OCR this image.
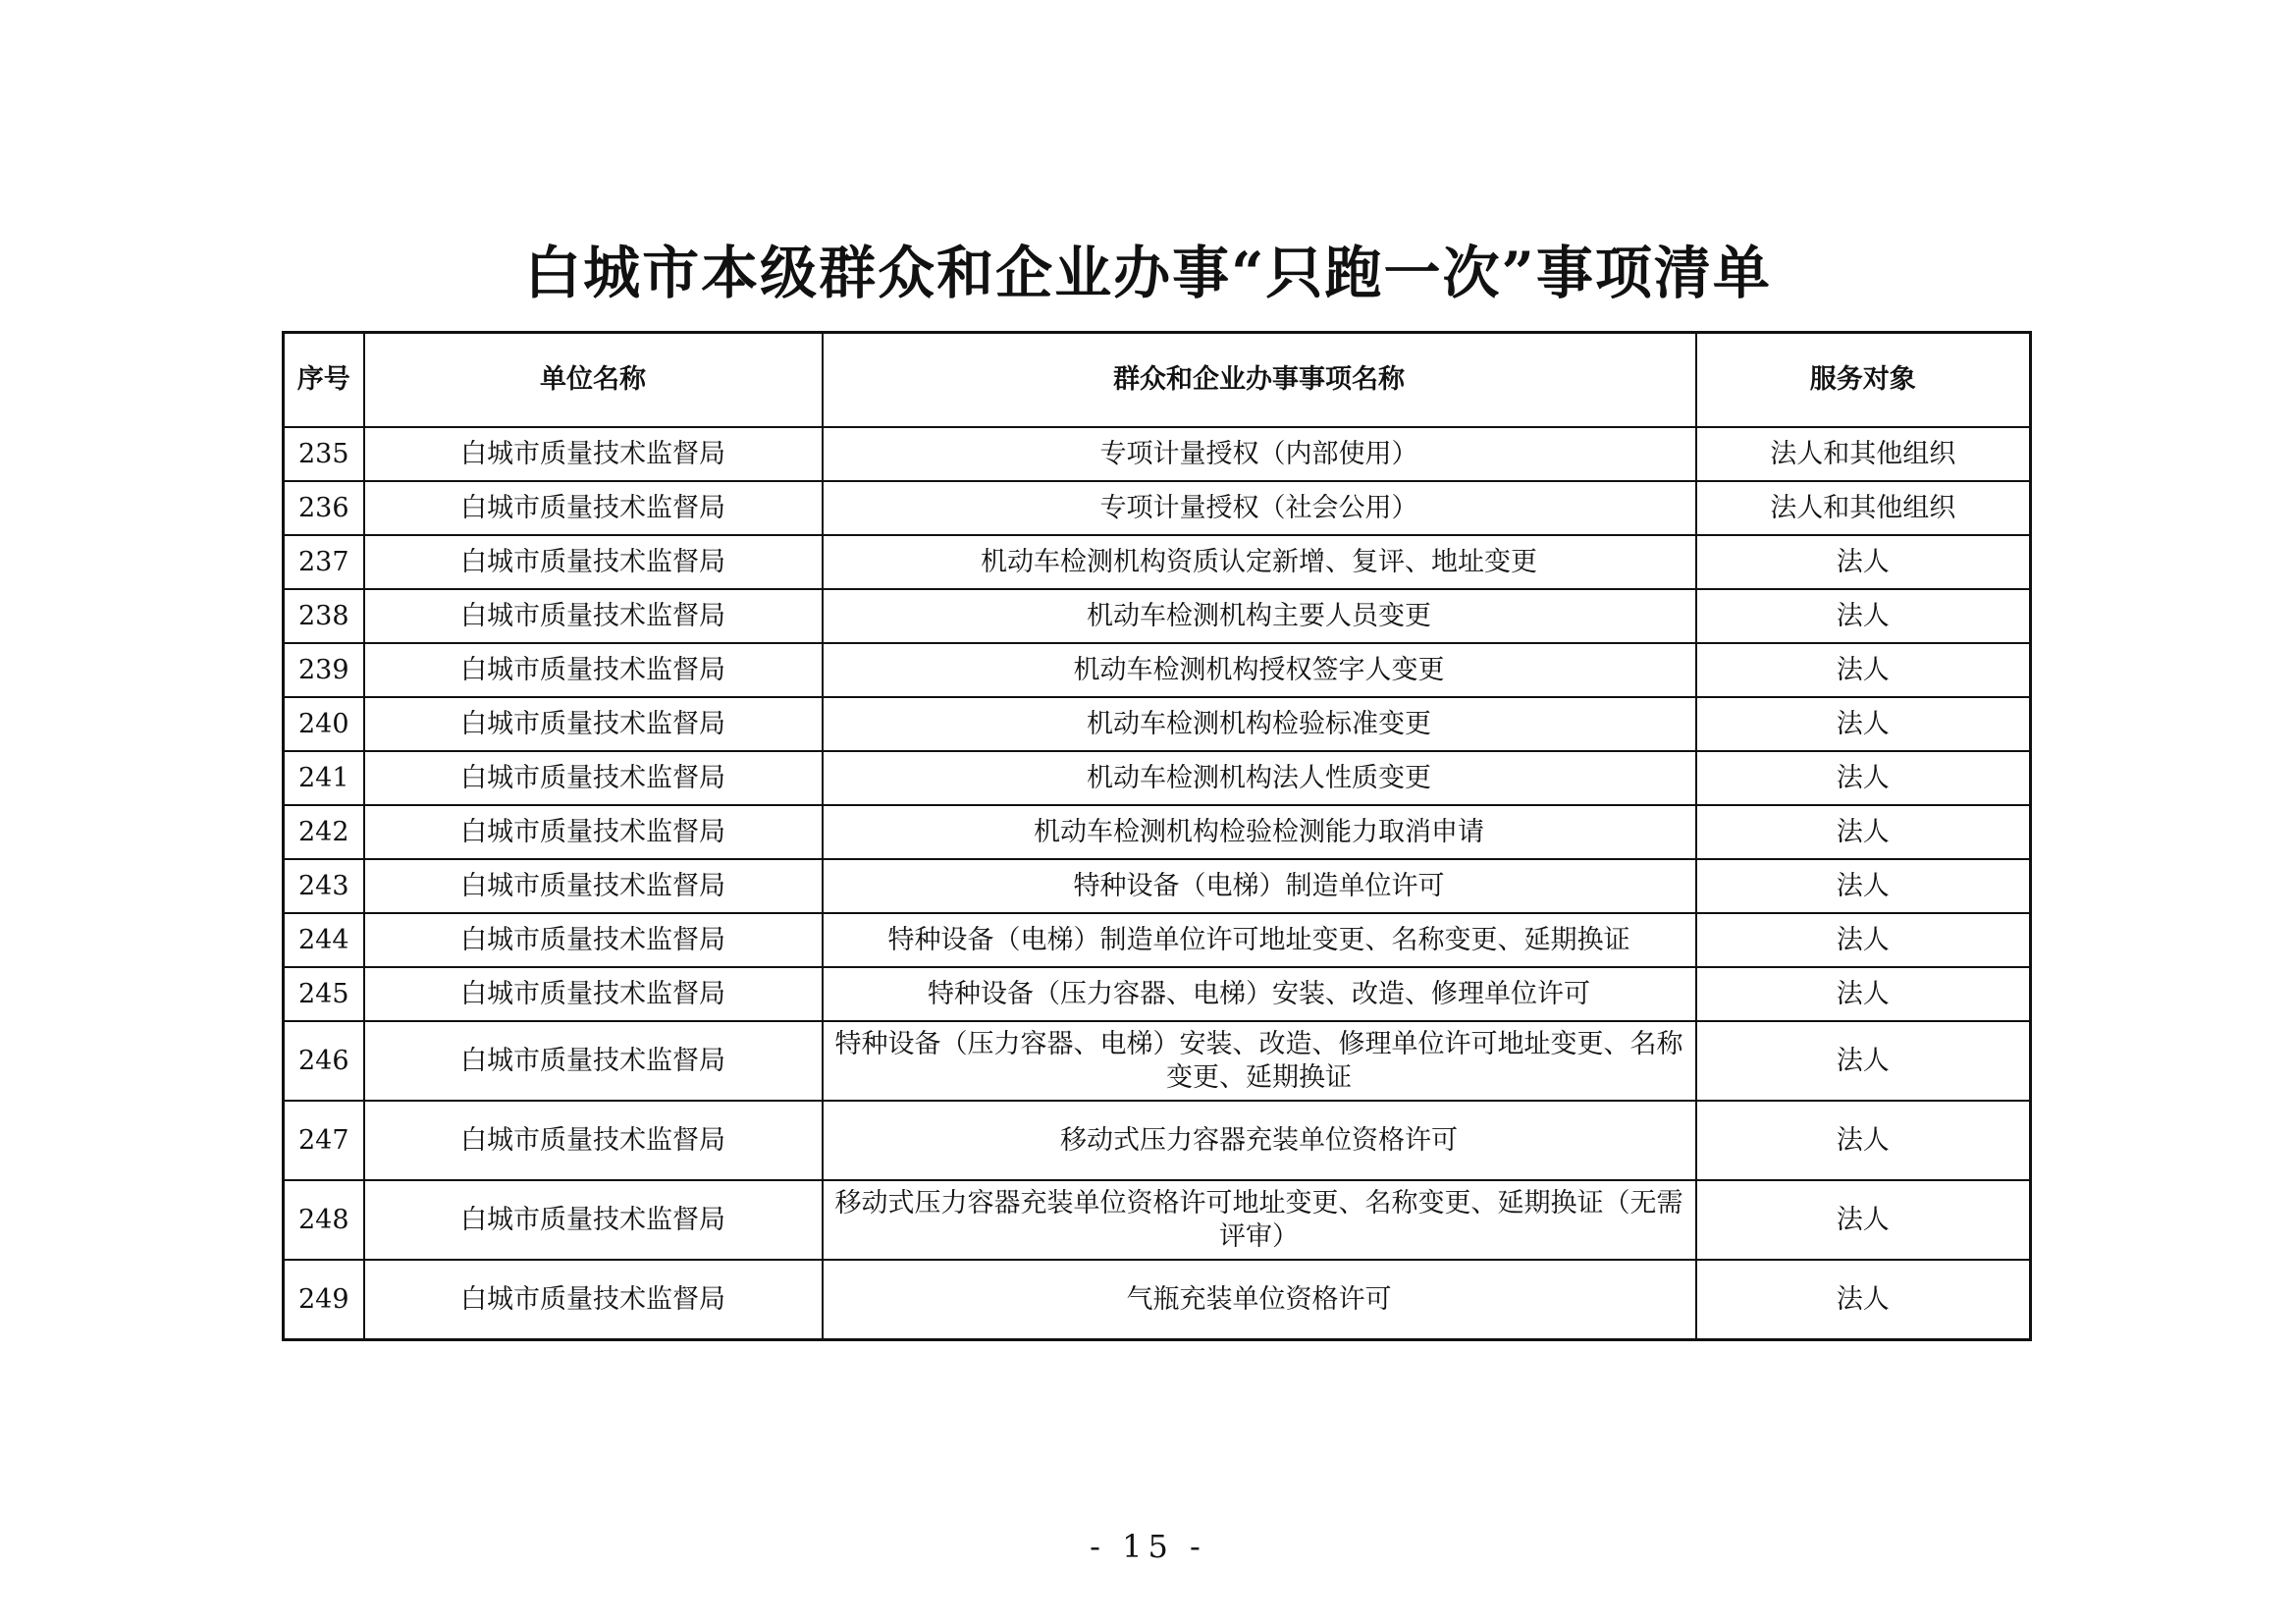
白城市本级群众和企业办事“只跑一次”事项清单
序号	单位名称	群众和企业办事事项名称	服务对象
235	白城市质量技术监督局	专项计量授权（内部使用）	法人和其他组织
236	白城市质量技术监督局	专项计量授权（社会公用）	法人和其他组织
237	白城市质量技术监督局	机动车检测机构资质认定新增、复评、地址变更	法人
238	白城市质量技术监督局	机动车检测机构主要人员变更	法人
239	白城市质量技术监督局	机动车检测机构授权签字人变更	法人
240	白城市质量技术监督局	机动车检测机构检验标准变更	法人
241	白城市质量技术监督局	机动车检测机构法人性质变更	法人
242	白城市质量技术监督局	机动车检测机构检验检测能力取消申请	法人
243	白城市质量技术监督局	特种设备（电梯）制造单位许可	法人
244	白城市质量技术监督局	特种设备（电梯）制造单位许可地址变更、名称变更、延期换证	法人
245	白城市质量技术监督局	特种设备（压力容器、电梯）安装、改造、修理单位许可	法人
246	白城市质量技术监督局	特种设备（压力容器、电梯）安装、改造、修理单位许可地址变更、名称变更、延期换证	法人
247	白城市质量技术监督局	移动式压力容器充装单位资格许可	法人
248	白城市质量技术监督局	移动式压力容器充装单位资格许可地址变更、名称变更、延期换证（无需评审）	法人
249	白城市质量技术监督局	气瓶充装单位资格许可	法人
- 15 -
